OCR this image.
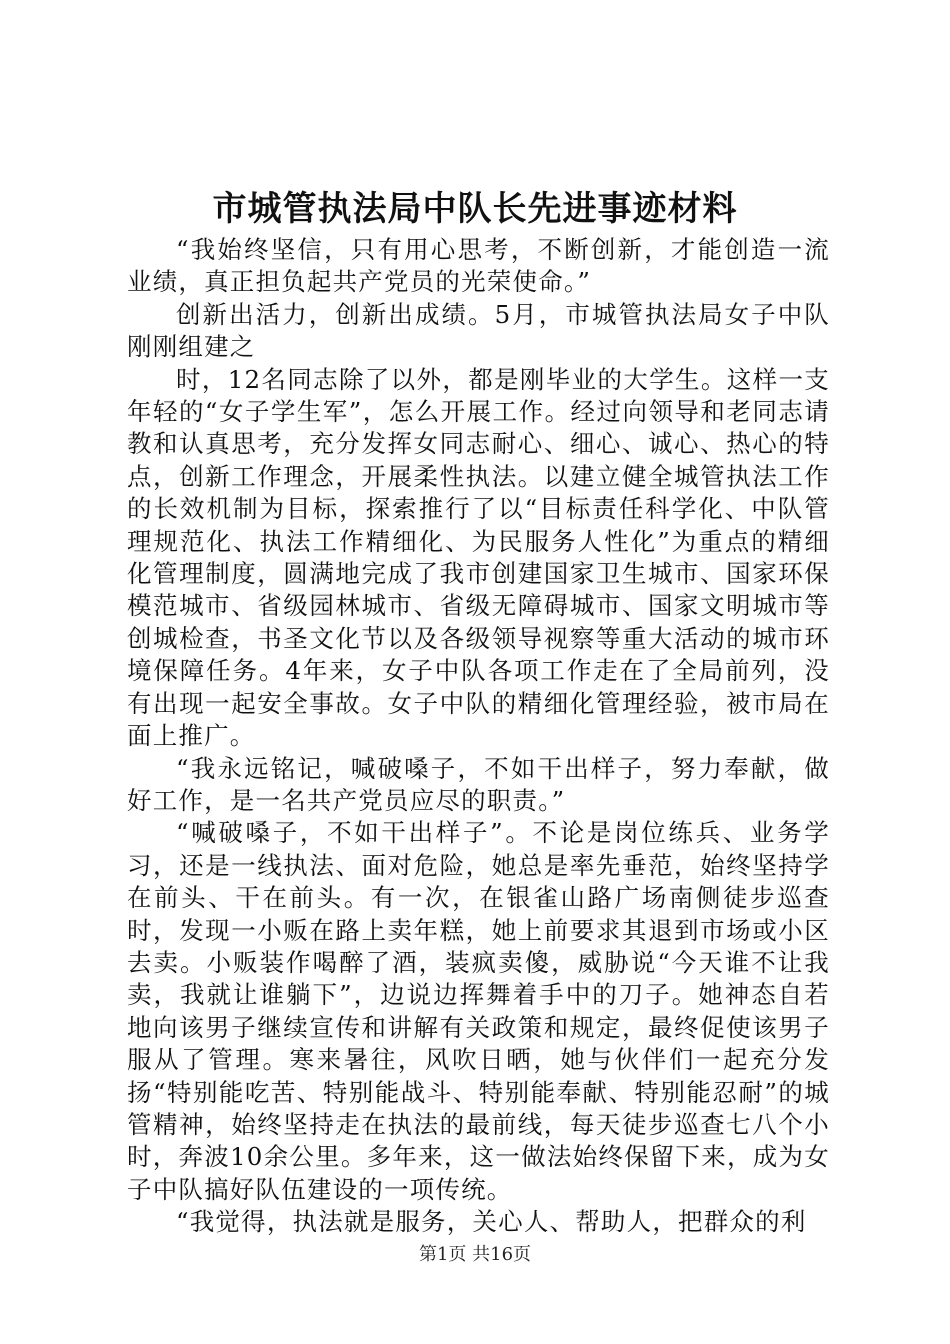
市城管执法局中队长先进事迹材料

“我始终坚信，只有用心思考，不断创新，才能创造一流业绩，真正担负起共产党员的光荣使命。”

创新出活力，创新出成绩。5月，市城管执法局女子中队刚刚组建之

时，12名同志除了以外，都是刚毕业的大学生。这样一支年轻的“女子学生军”，怎么开展工作。经过向领导和老同志请教和认真思考，充分发挥女同志耐心、细心、诚心、热心的特点，创新工作理念，开展柔性执法。以建立健全城管执法工作的长效机制为目标，探索推行了以“目标责任科学化、中队管理规范化、执法工作精细化、为民服务人性化”为重点的精细化管理制度，圆满地完成了我市创建国家卫生城市、国家环保模范城市、省级园林城市、省级无障碍城市、国家文明城市等创城检查，书圣文化节以及各级领导视察等重大活动的城市环境保障任务。4年来，女子中队各项工作走在了全局前列，没有出现一起安全事故。女子中队的精细化管理经验，被市局在面上推广。

“我永远铭记，喊破嗓子，不如干出样子，努力奉献，做好工作，是一名共产党员应尽的职责。”

“喊破嗓子，不如干出样子”。不论是岗位练兵、业务学习，还是一线执法、面对危险，她总是率先垂范，始终坚持学在前头、干在前头。有一次，在银雀山路广场南侧徒步巡查时，发现一小贩在路上卖年糕，她上前要求其退到市场或小区去卖。小贩装作喝醉了酒，装疯卖傻，威胁说“今天谁不让我卖，我就让谁躺下”，边说边挥舞着手中的刀子。她神态自若地向该男子继续宣传和讲解有关政策和规定，最终促使该男子服从了管理。寒来暑往，风吹日晒，她与伙伴们一起充分发扬“特别能吃苦、特别能战斗、特别能奉献、特别能忍耐”的城管精神，始终坚持走在执法的最前线，每天徒步巡查七八个小时，奔波10余公里。多年来，这一做法始终保留下来，成为女子中队搞好队伍建设的一项传统。

“我觉得，执法就是服务，关心人、帮助人，把群众的利

第1页 共16页
